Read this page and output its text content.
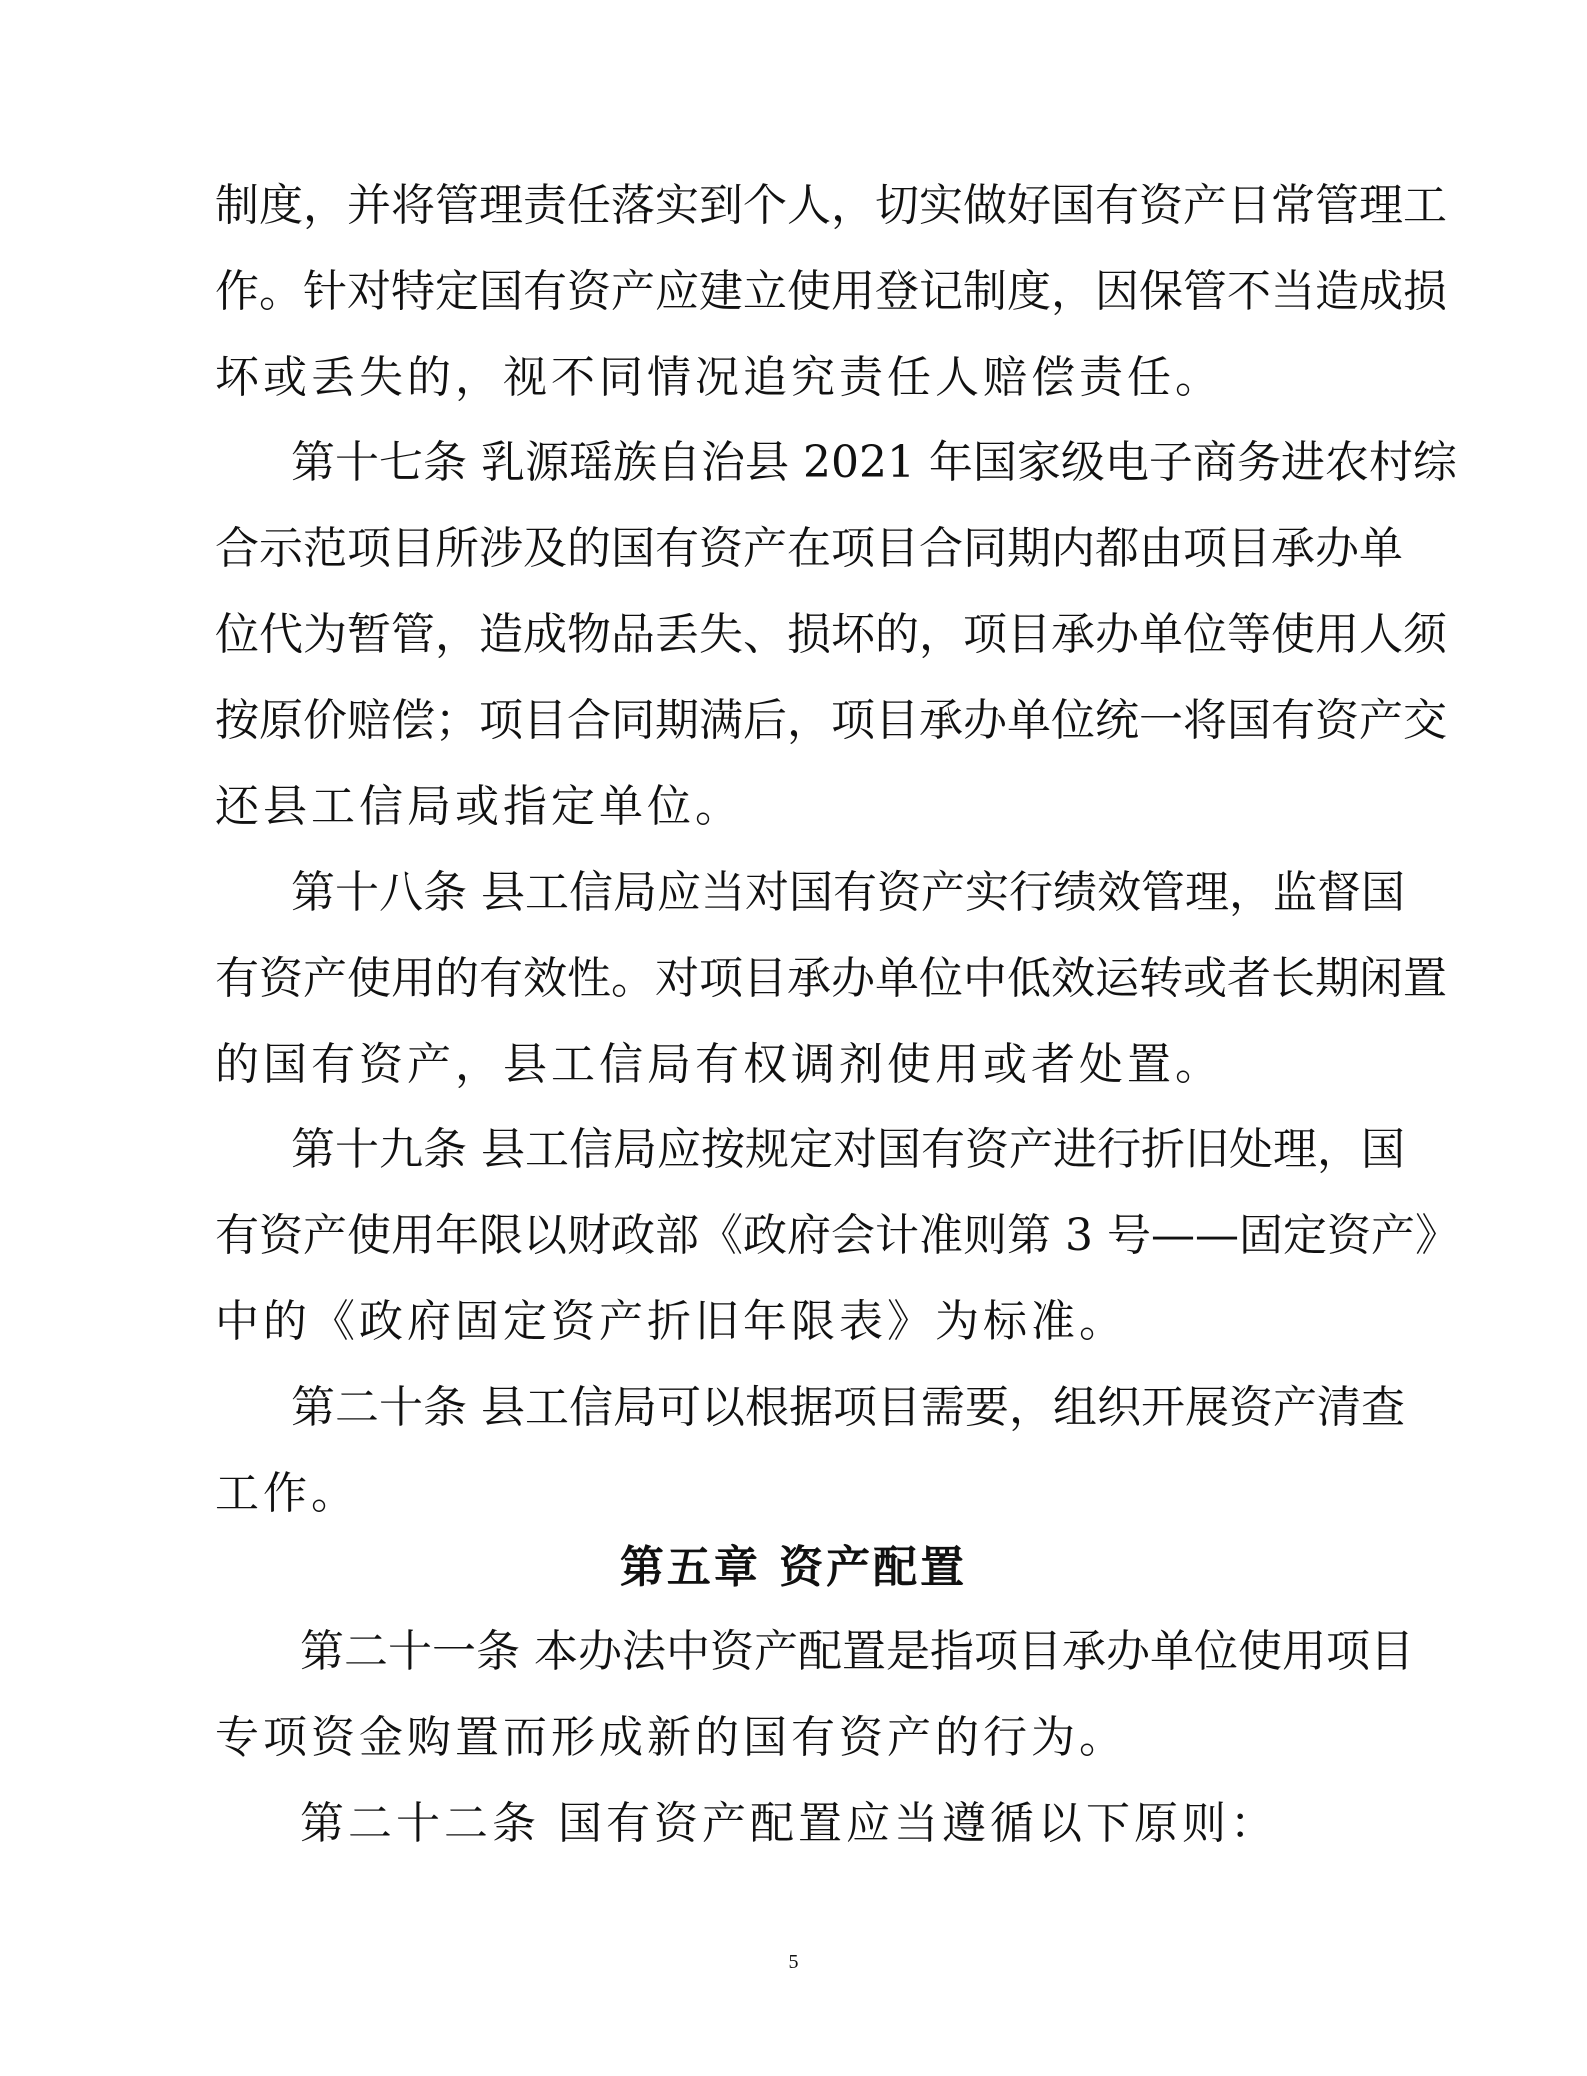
制度，并将管理责任落实到个人，切实做好国有资产日常管理工
作。针对特定国有资产应建立使用登记制度，因保管不当造成损
坏或丢失的，视不同情况追究责任人赔偿责任。
第十七条 乳源瑶族自治县 2021 年国家级电子商务进农村综
合示范项目所涉及的国有资产在项目合同期内都由项目承办单
位代为暂管，造成物品丢失、损坏的，项目承办单位等使用人须
按原价赔偿；项目合同期满后，项目承办单位统一将国有资产交
还县工信局或指定单位。
第十八条 县工信局应当对国有资产实行绩效管理，监督国
有资产使用的有效性。对项目承办单位中低效运转或者长期闲置
的国有资产，县工信局有权调剂使用或者处置。
第十九条 县工信局应按规定对国有资产进行折旧处理，国
有资产使用年限以财政部《政府会计准则第 3 号——固定资产》
中的《政府固定资产折旧年限表》为标准。
第二十条 县工信局可以根据项目需要，组织开展资产清查
工作。
第五章 资产配置
第二十一条 本办法中资产配置是指项目承办单位使用项目
专项资金购置而形成新的国有资产的行为。
第二十二条 国有资产配置应当遵循以下原则：
5
